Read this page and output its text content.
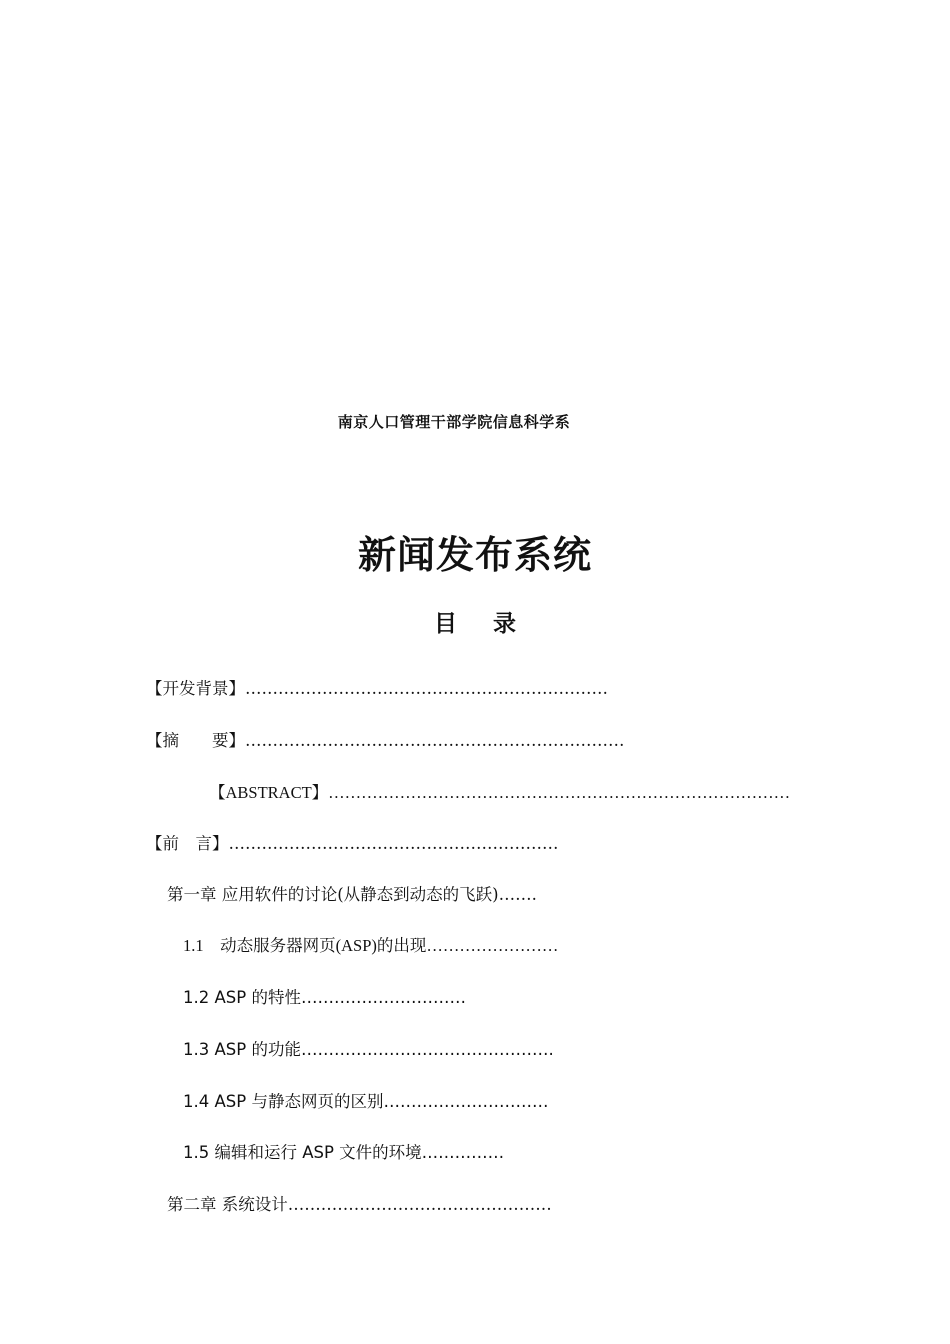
南京人口管理干部学院信息科学系
新闻发布系统
目 录
【开发背景】…………………………………………………………
【摘　　要】……………………………………………………………
【ABSTRACT】…………………………………………………………………………
【前　言】……………………………………………………
第一章 应用软件的讨论(从静态到动态的飞跃)…….
1.1　动态服务器网页(ASP)的出现……………………
1.2 ASP 的特性…………………………
1.3 ASP 的功能……………………………………….
1.4 ASP 与静态网页的区别…………………………
1.5 编辑和运行 ASP 文件的环境……………
第二章 系统设计…………………………………………
